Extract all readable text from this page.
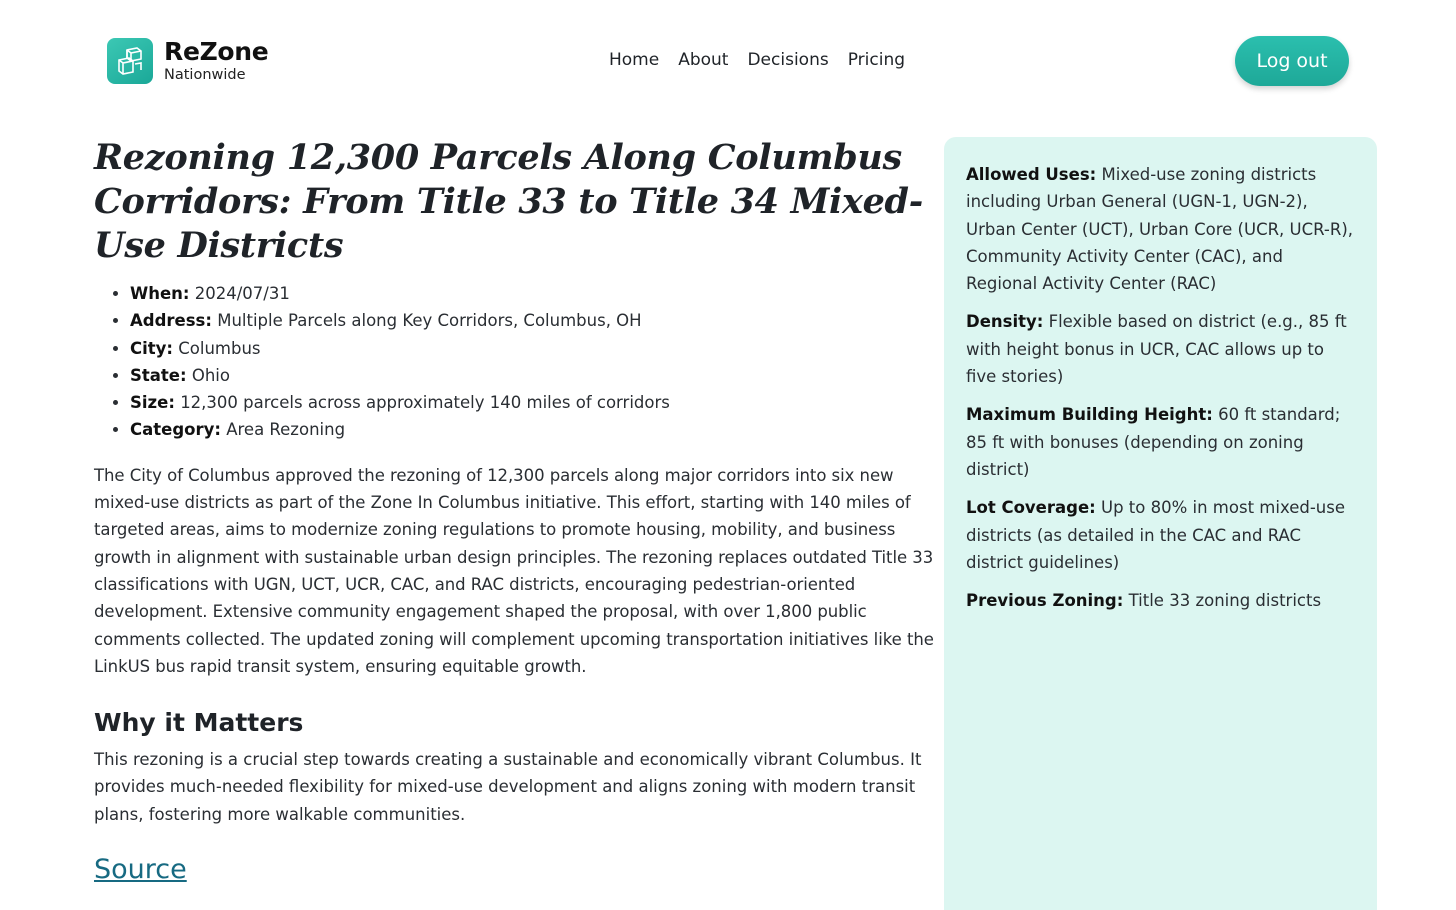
ReZone
Nationwide
Home About Decisions Pricing	Log out
Rezoning 12,300 Parcels Along Columbus Corridors: From Title 33 to Title 34 Mixed-Use Districts
• When: 2024/07/31
• Address: Multiple Parcels along Key Corridors, Columbus, OH
• City: Columbus
• State: Ohio
• Size: 12,300 parcels across approximately 140 miles of corridors
• Category: Area Rezoning

The City of Columbus approved the rezoning of 12,300 parcels along major corridors into six new mixed-use districts as part of the Zone In Columbus initiative. This effort, starting with 140 miles of targeted areas, aims to modernize zoning regulations to promote housing, mobility, and business growth in alignment with sustainable urban design principles. The rezoning replaces outdated Title 33 classifications with UGN, UCT, UCR, CAC, and RAC districts, encouraging pedestrian-oriented development. Extensive community engagement shaped the proposal, with over 1,800 public comments collected. The updated zoning will complement upcoming transportation initiatives like the LinkUS bus rapid transit system, ensuring equitable growth.

Why it Matters

This rezoning is a crucial step towards creating a sustainable and economically vibrant Columbus. It provides much-needed flexibility for mixed-use development and aligns zoning with modern transit plans, fostering more walkable communities.

Source

Allowed Uses: Mixed-use zoning districts including Urban General (UGN-1, UGN-2), Urban Center (UCT), Urban Core (UCR, UCR-R), Community Activity Center (CAC), and Regional Activity Center (RAC)

Density: Flexible based on district (e.g., 85 ft with height bonus in UCR, CAC allows up to five stories)

Maximum Building Height: 60 ft standard; 85 ft with bonuses (depending on zoning district)

Lot Coverage: Up to 80% in most mixed-use districts (as detailed in the CAC and RAC district guidelines)

Previous Zoning: Title 33 zoning districts
